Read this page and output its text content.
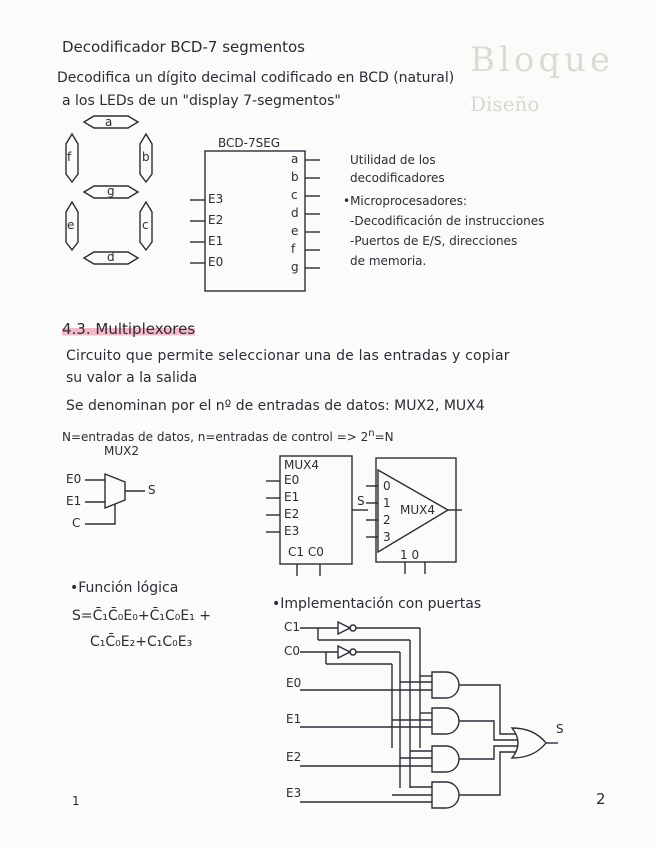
Bloque
Diseño
Decodificador BCD-7 segmentos
Decodifica un dígito decimal codificado en BCD (natural)
a los LEDs de un "display 7-segmentos"
a
b
f
g
e	c
d
BCD-7SEG
E3
E2
E1
E0
a
b
c
d
e
f
g
Utilidad de los
decodificadores
•Microprocesadores:
-Decodificación de instrucciones
-Puertos de E/S, direcciones
de memoria.
4.3. Multiplexores
Circuito que permite seleccionar una de las entradas y copiar
su valor a la salida
Se denominan por el nº de entradas de datos: MUX2, MUX4
N=entradas de datos, n=entradas de control => $2^n=N$
MUX2
E0
E1
C
S
MUX4
E0
E1
E2
E3
C1 C0
S
MUX4
0
1
2
3
1 0
•Función lógica
S=C̄₁C̄₀E₀+C̄₁C₀E₁ +
C₁C̄₀E₂+C₁C₀E₃
•Implementación con puertas
C1
C0
E0
E1
E2
E3
S
1	2
